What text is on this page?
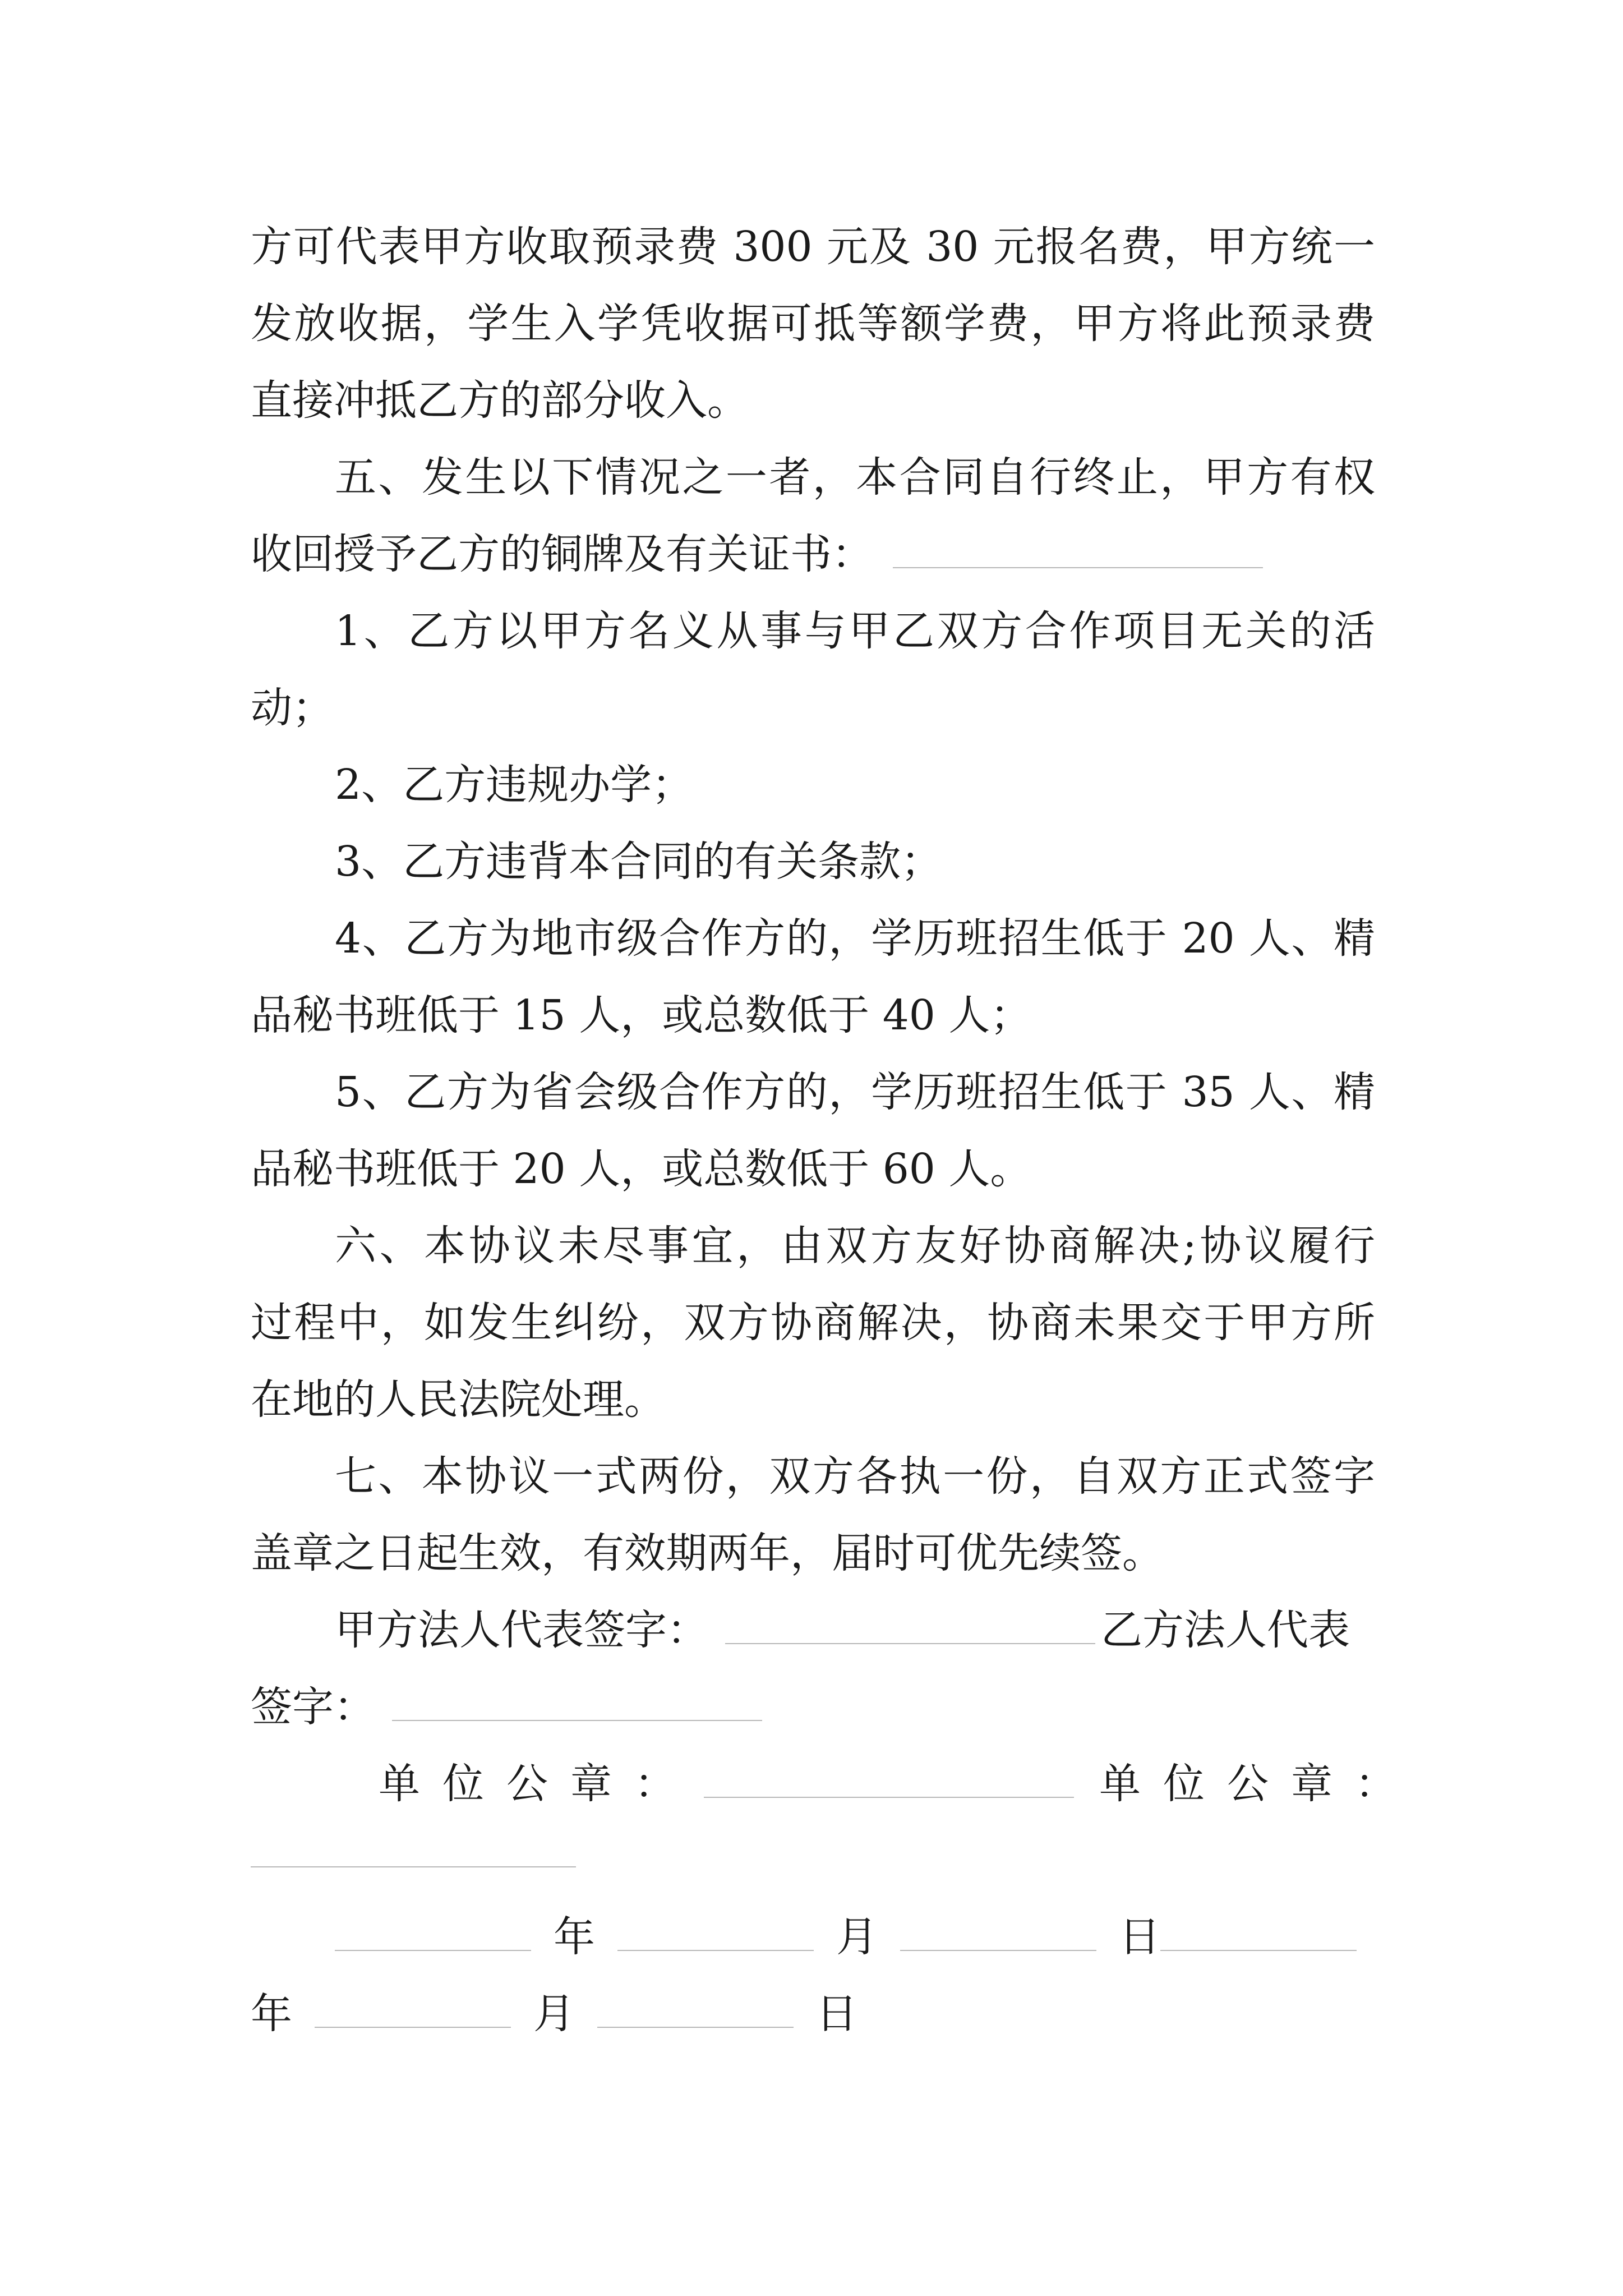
方可代表甲方收取预录费 300 元及 30 元报名费，甲方统一
发放收据，学生入学凭收据可抵等额学费，甲方将此预录费
直接冲抵乙方的部分收入。
五、发生以下情况之一者，本合同自行终止，甲方有权
收回授予乙方的铜牌及有关证书：
1、乙方以甲方名义从事与甲乙双方合作项目无关的活
动；
2、乙方违规办学；
3、乙方违背本合同的有关条款；
4、乙方为地市级合作方的，学历班招生低于 20 人、精
品秘书班低于 15 人，或总数低于 40 人；
5、乙方为省会级合作方的，学历班招生低于 35 人、精
品秘书班低于 20 人，或总数低于 60 人。
六、本协议未尽事宜，由双方友好协商解决;协议履行
过程中，如发生纠纷，双方协商解决，协商未果交于甲方所
在地的人民法院处理。
七、本协议一式两份，双方各执一份，自双方正式签字
盖章之日起生效，有效期两年，届时可优先续签。
甲方法人代表签字：	乙方法人代表
签字：
单位公章：	单位公章：
年	月	日
年	月	日
